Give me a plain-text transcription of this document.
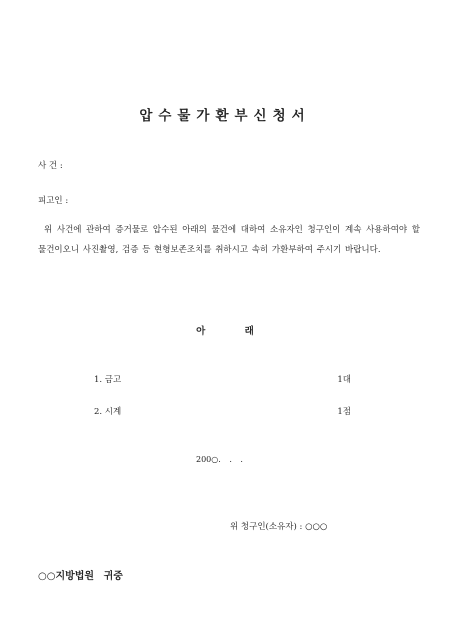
압수물가환부신청서
사 건 :
피고인 :
위 사건에 관하여 증거물로 압수된 아래의 물건에 대하여 소유자인 청구인이 계속 사용하여야 할 물건이오니 사진촬영, 검증 등 현형보존조치를 취하시고 속히 가환부하여 주시기 바랍니다.
아 래
1. 금고	1대
2. 시계	1점
200○. . .
위 청구인(소유자) : ○○○
○○지방법원 귀중
